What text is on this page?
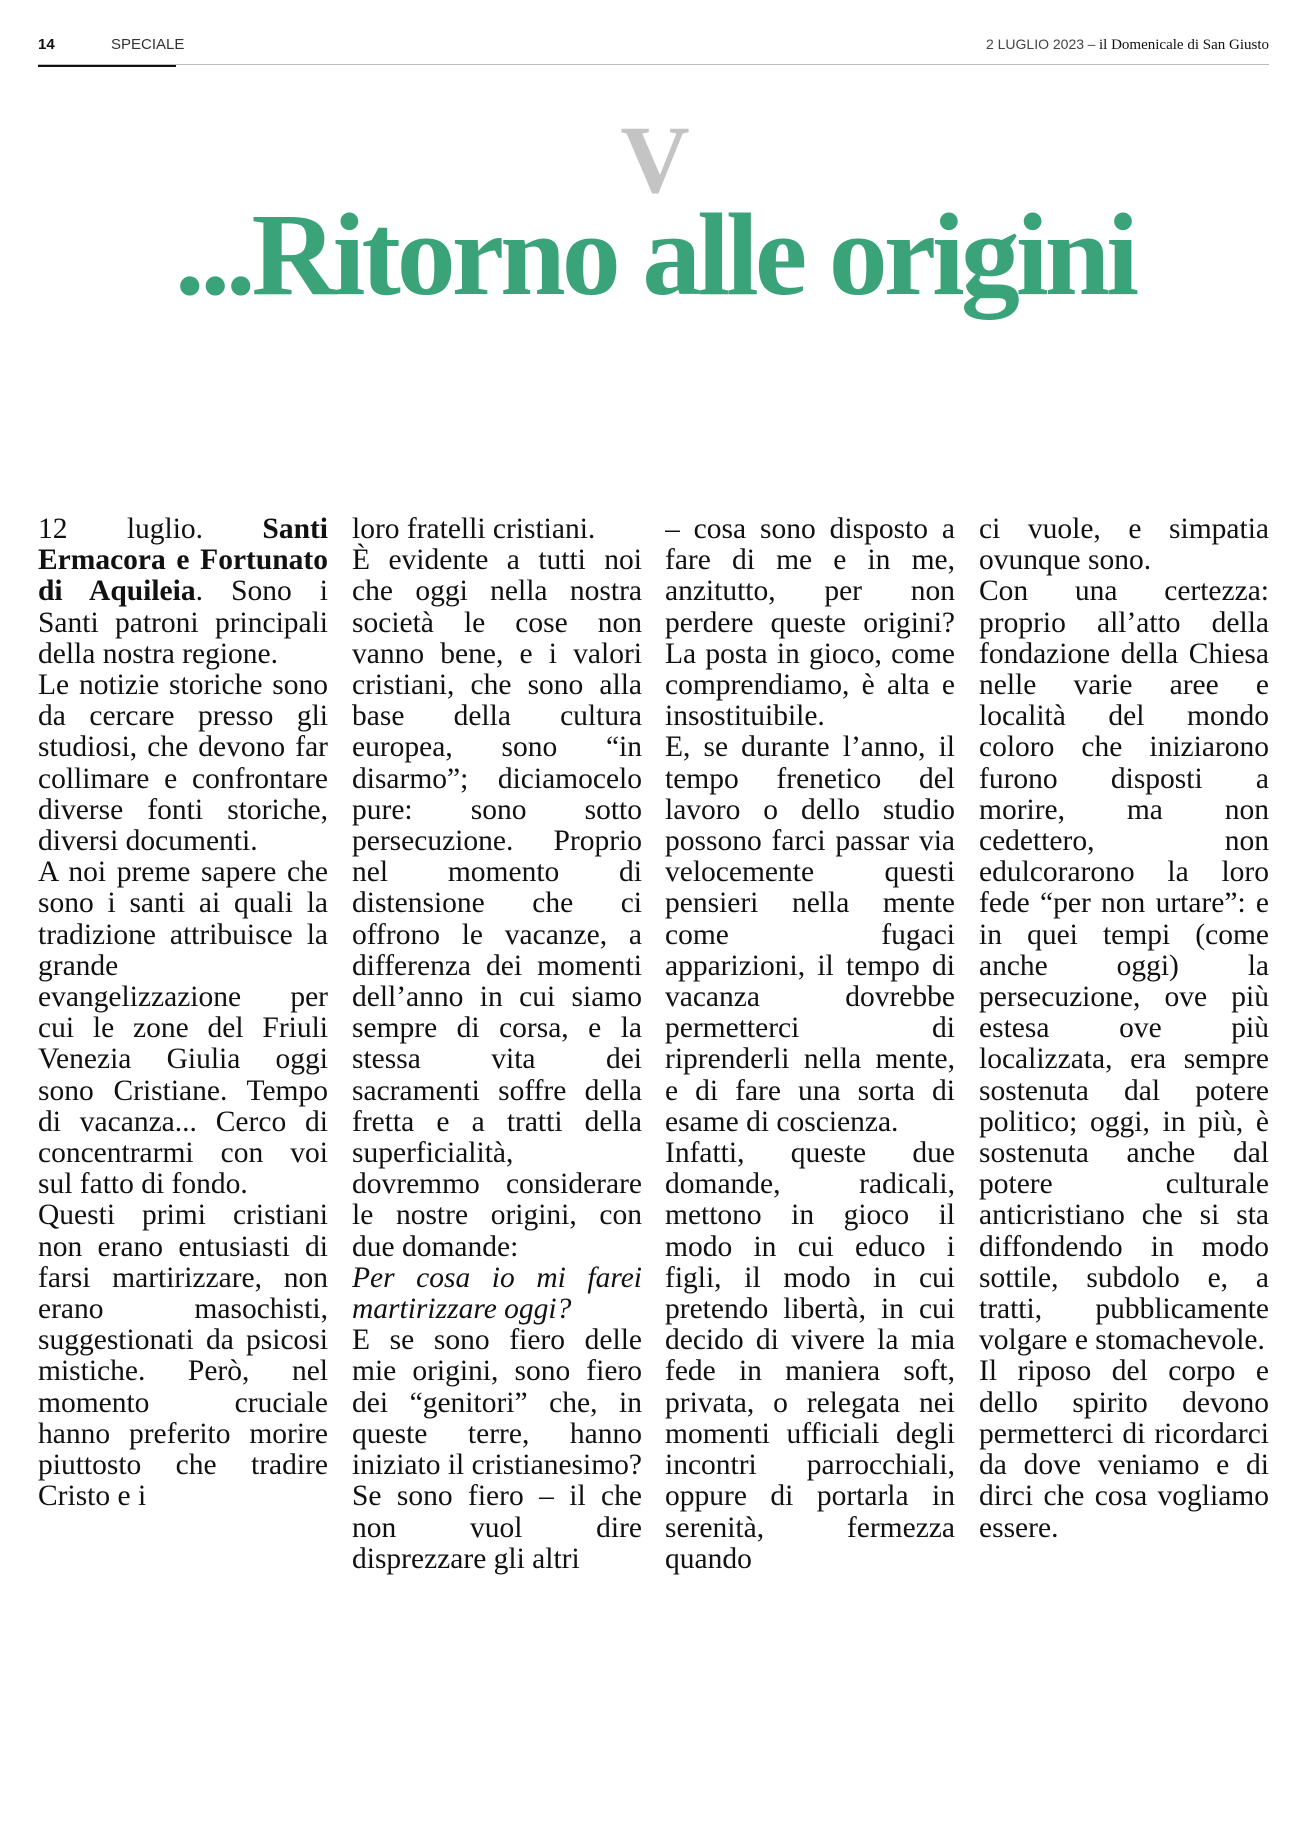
14	SPECIALE	2 LUGLIO 2023 – il Domenicale di San Giusto
V
...Ritorno alle origini

12 luglio. Santi Ermacora e Fortunato di Aquileia. Sono i Santi patroni principali della nostra regione.

Le notizie storiche sono da cercare presso gli studiosi, che devono far collimare e confrontare diverse fonti storiche, diversi documenti.

A noi preme sapere che sono i santi ai quali la tradizione attribuisce la grande evangelizzazione per cui le zone del Friuli Venezia Giulia oggi sono Cristiane. Tempo di vacanza... Cerco di concentrarmi con voi sul fatto di fondo.

Questi primi cristiani non erano entusiasti di farsi martirizzare, non erano masochisti, suggestionati da psicosi mistiche. Però, nel momento cruciale hanno preferito morire piuttosto che tradire Cristo e i

loro fratelli cristiani.

È evidente a tutti noi che oggi nella nostra società le cose non vanno bene, e i valori cristiani, che sono alla base della cultura europea, sono “in disarmo”; diciamocelo pure: sono sotto persecuzione. Proprio nel momento di distensione che ci offrono le vacanze, a differenza dei momenti dell’anno in cui siamo sempre di corsa, e la stessa vita dei sacramenti soffre della fretta e a tratti della superficialità, dovremmo considerare le nostre origini, con due domande:

Per cosa io mi farei martirizzare oggi?

E se sono fiero delle mie origini, sono fiero dei “genitori” che, in queste terre, hanno iniziato il cristianesimo? Se sono fiero – il che non vuol dire disprezzare gli altri

– cosa sono disposto a fare di me e in me, anzitutto, per non perdere queste origini? La posta in gioco, come comprendiamo, è alta e insostituibile.

E, se durante l’anno, il tempo frenetico del lavoro o dello studio possono farci passar via velocemente questi pensieri nella mente come fugaci apparizioni, il tempo di vacanza dovrebbe permetterci di riprenderli nella mente, e di fare una sorta di esame di coscienza.

Infatti, queste due domande, radicali, mettono in gioco il modo in cui educo i figli, il modo in cui pretendo libertà, in cui decido di vivere la mia fede in maniera soft, privata, o relegata nei momenti ufficiali degli incontri parrocchiali, oppure di portarla in serenità, fermezza quando

ci vuole, e simpatia ovunque sono.

Con una certezza: proprio all’atto della fondazione della Chiesa nelle varie aree e località del mondo coloro che iniziarono furono disposti a morire, ma non cedettero, non edulcorarono la loro fede “per non urtare”: e in quei tempi (come anche oggi) la persecuzione, ove più estesa ove più localizzata, era sempre sostenuta dal potere politico; oggi, in più, è sostenuta anche dal potere culturale anticristiano che si sta diffondendo in modo sottile, subdolo e, a tratti, pubblicamente volgare e stomachevole.

Il riposo del corpo e dello spirito devono permetterci di ricordarci da dove veniamo e di dirci che cosa vogliamo essere.
